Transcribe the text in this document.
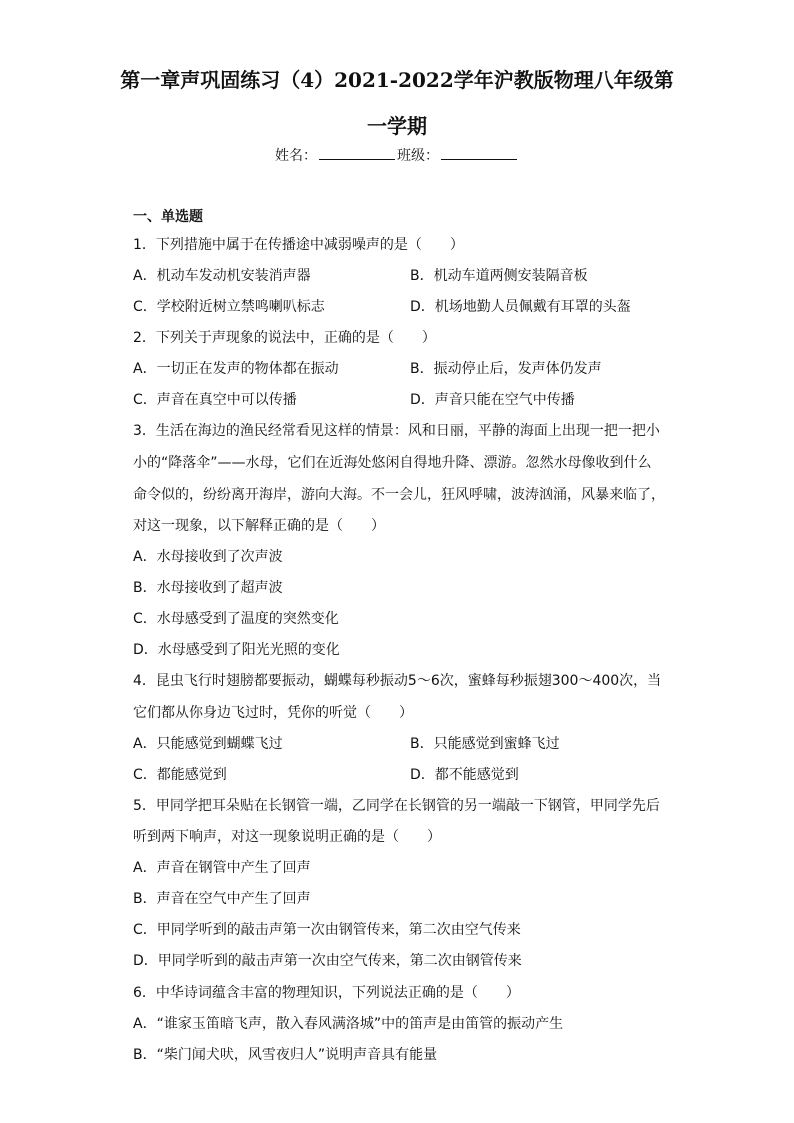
第一章声巩固练习（4）2021-2022学年沪教版物理八年级第
一学期
姓名：	班级：
一、单选题
1．下列措施中属于在传播途中减弱噪声的是（　　）
A．机动车发动机安装消声器	B．机动车道两侧安装隔音板
C．学校附近树立禁鸣喇叭标志	D．机场地勤人员佩戴有耳罩的头盔
2．下列关于声现象的说法中，正确的是（　　）
A．一切正在发声的物体都在振动	B．振动停止后，发声体仍发声
C．声音在真空中可以传播	D．声音只能在空气中传播
3．生活在海边的渔民经常看见这样的情景：风和日丽，平静的海面上出现一把一把小
小的“降落伞”——水母，它们在近海处悠闲自得地升降、漂游。忽然水母像收到什么
命令似的，纷纷离开海岸，游向大海。不一会儿，狂风呼啸，波涛汹涌，风暴来临了，
对这一现象，以下解释正确的是（　　）
A．水母接收到了次声波
B．水母接收到了超声波
C．水母感受到了温度的突然变化
D．水母感受到了阳光光照的变化
4．昆虫飞行时翅膀都要振动，蝴蝶每秒振动5～6次，蜜蜂每秒振翅300～400次，当
它们都从你身边飞过时，凭你的听觉（　　）
A．只能感觉到蝴蝶飞过	B．只能感觉到蜜蜂飞过
C．都能感觉到	D．都不能感觉到
5．甲同学把耳朵贴在长钢管一端，乙同学在长钢管的另一端敲一下钢管，甲同学先后
听到两下响声，对这一现象说明正确的是（　　）
A．声音在钢管中产生了回声
B．声音在空气中产生了回声
C．甲同学听到的敲击声第一次由钢管传来，第二次由空气传来
D．甲同学听到的敲击声第一次由空气传来，第二次由钢管传来
6．中华诗词蕴含丰富的物理知识，下列说法正确的是（　　）
A．“谁家玉笛暗飞声，散入春风满洛城”中的笛声是由笛管的振动产生
B．“柴门闻犬吠，风雪夜归人”说明声音具有能量
